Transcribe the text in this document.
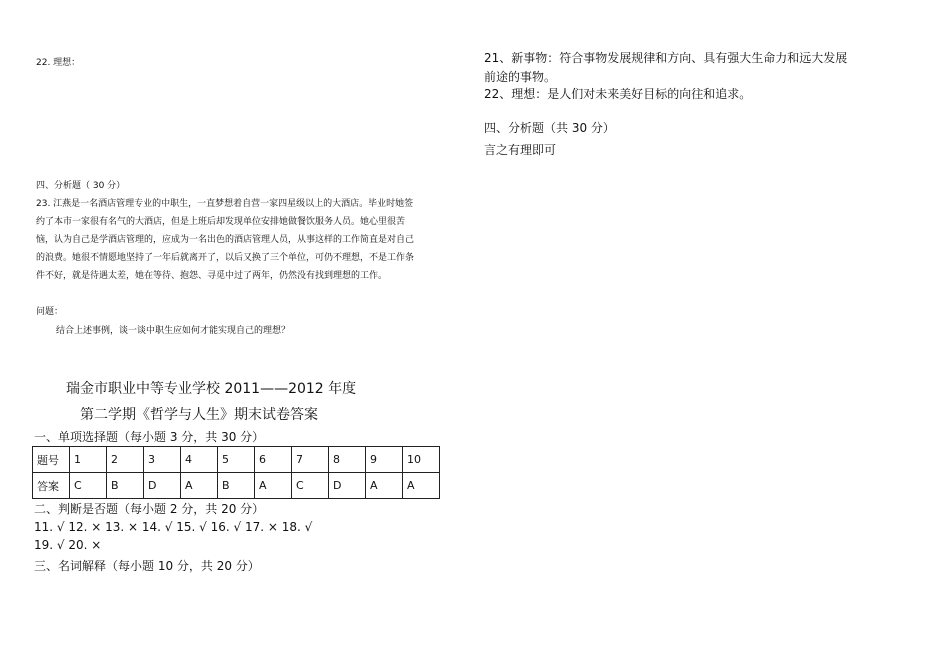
22. 理想：
四、分析题（ 30 分）
23. 江燕是一名酒店管理专业的中职生，一直梦想着自营一家四星级以上的大酒店。毕业时她签约了本市一家很有名气的大酒店，但是上班后却发现单位安排她做餐饮服务人员。她心里很苦恼，认为自己是学酒店管理的，应成为一名出色的酒店管理人员，从事这样的工作简直是对自己的浪费。她很不情愿地坚持了一年后就离开了，以后又换了三个单位，可仍不理想，不是工作条件不好，就是待遇太差，她在等待、抱怨、寻觅中过了两年，仍然没有找到理想的工作。
问题：
结合上述事例，谈一谈中职生应如何才能实现自己的理想？
瑞金市职业中等专业学校 2011——2012 年度
第二学期《哲学与人生》期末试卷答案
一、单项选择题（每小题 3 分，共 30 分）
题号	1	2	3	4	5	6	7	8	9	10
答案	C	B	D	A	B	A	C	D	A	A
二、判断是否题（每小题 2 分，共 20 分）
11. √ 12. × 13. × 14. √ 15. √ 16. √ 17. × 18. √
19. √ 20. ×
三、名词解释（每小题 10 分，共 20 分）
21、新事物：符合事物发展规律和方向、具有强大生命力和远大发展前途的事物。
22、理想：是人们对未来美好目标的向往和追求。
四、分析题（共 30 分）
言之有理即可
